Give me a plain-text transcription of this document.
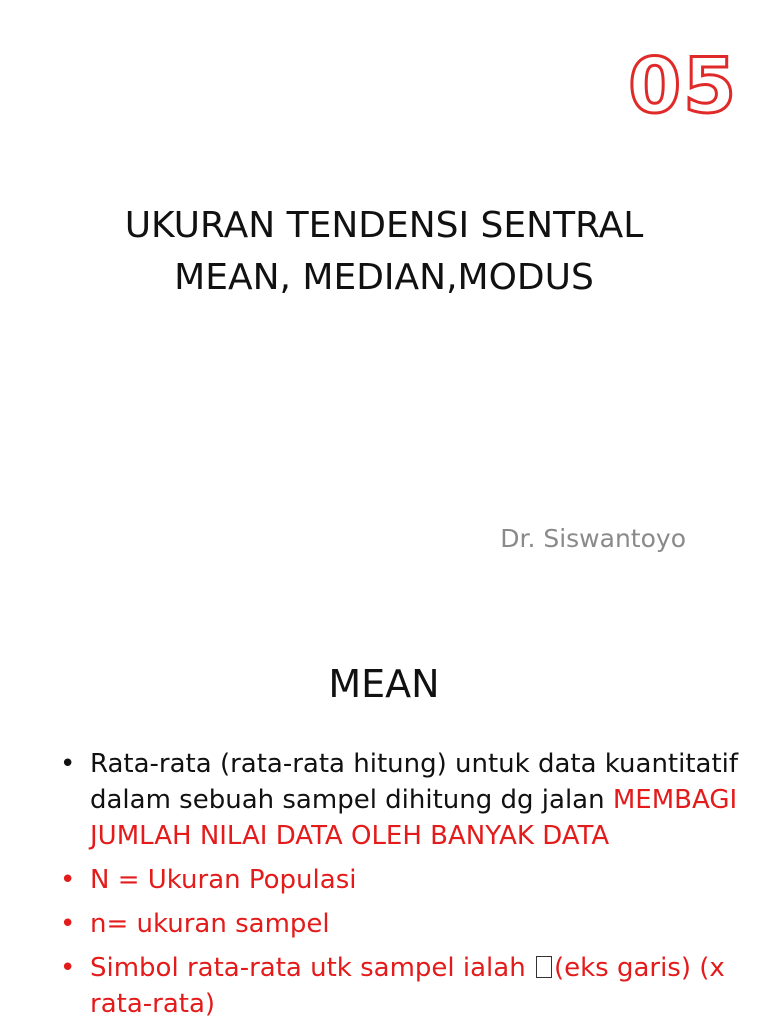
05
UKURAN TENDENSI SENTRAL
MEAN, MEDIAN,MODUS
Dr. Siswantoyo
MEAN
• Rata-rata (rata-rata hitung) untuk data kuantitatif dalam sebuah sampel dihitung dg jalan MEMBAGI JUMLAH NILAI DATA OLEH BANYAK DATA
• N = Ukuran Populasi
• n= ukuran sampel
• Simbol rata-rata utk sampel ialah (eks garis) (x rata-rata)
